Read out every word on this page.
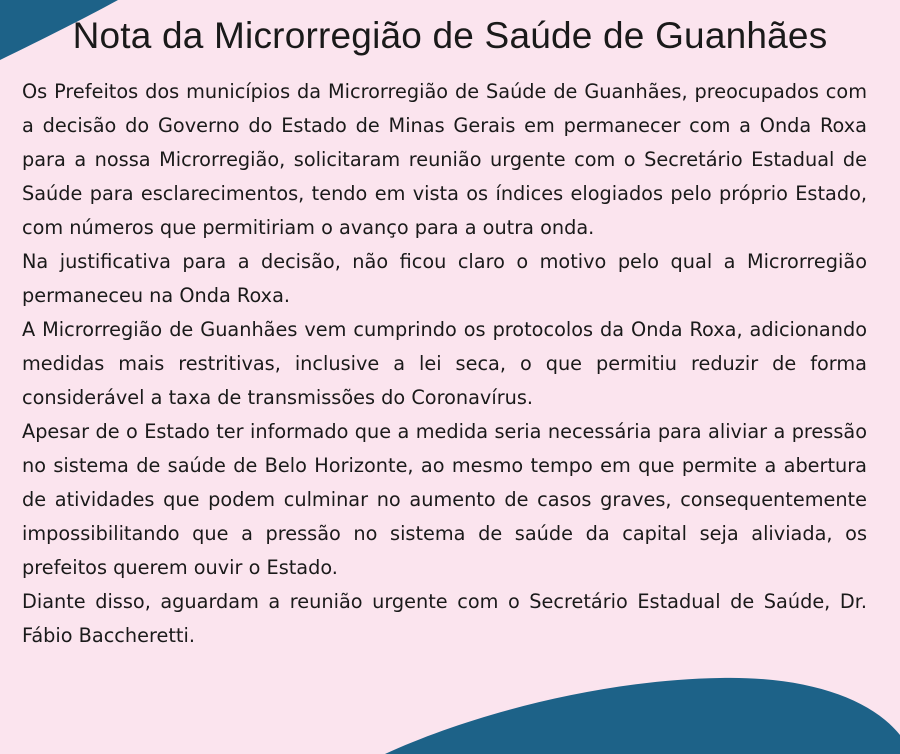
Nota da Microrregião de Saúde de Guanhães

Os Prefeitos dos municípios da Microrregião de Saúde de Guanhães, preocupados com a decisão do Governo do Estado de Minas Gerais em permanecer com a Onda Roxa para a nossa Microrregião, solicitaram reunião urgente com o Secretário Estadual de Saúde para esclarecimentos, tendo em vista os índices elogiados pelo próprio Estado, com números que permitiriam o avanço para a outra onda.

Na justificativa para a decisão, não ficou claro o motivo pelo qual a Microrregião permaneceu na Onda Roxa.

A Microrregião de Guanhães vem cumprindo os protocolos da Onda Roxa, adicionando medidas mais restritivas, inclusive a lei seca, o que permitiu reduzir de forma considerável a taxa de transmissões do Coronavírus.

Apesar de o Estado ter informado que a medida seria necessária para aliviar a pressão no sistema de saúde de Belo Horizonte, ao mesmo tempo em que permite a abertura de atividades que podem culminar no aumento de casos graves, consequentemente impossibilitando que a pressão no sistema de saúde da capital seja aliviada, os prefeitos querem ouvir o Estado.

Diante disso, aguardam a reunião urgente com o Secretário Estadual de Saúde, Dr. Fábio Baccheretti.
